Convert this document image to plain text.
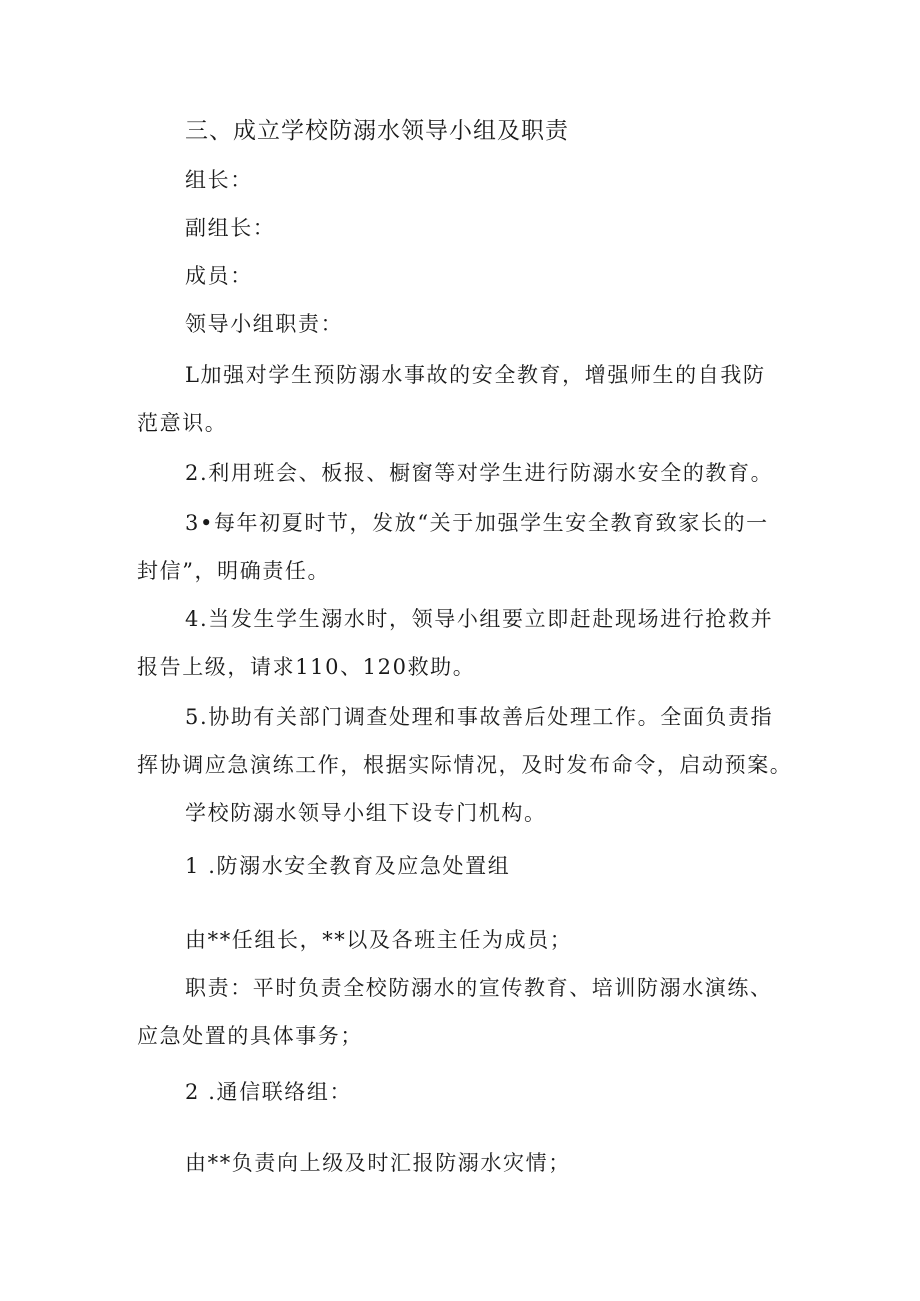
三、成立学校防溺水领导小组及职责
组长：
副组长：
成员：
领导小组职责：
L加强对学生预防溺水事故的安全教育，增强师生的自我防
范意识。
2.利用班会、板报、橱窗等对学生进行防溺水安全的教育。
3•每年初夏时节，发放“关于加强学生安全教育致家长的一
封信”，明确责任。
4.当发生学生溺水时，领导小组要立即赶赴现场进行抢救并
报告上级，请求110、120救助。
5.协助有关部门调查处理和事故善后处理工作。全面负责指
挥协调应急演练工作，根据实际情况，及时发布命令，启动预案。
学校防溺水领导小组下设专门机构。
1 .防溺水安全教育及应急处置组
由**任组长，**以及各班主任为成员；
职责：平时负责全校防溺水的宣传教育、培训防溺水演练、
应急处置的具体事务；
2 .通信联络组：
由**负责向上级及时汇报防溺水灾情；
